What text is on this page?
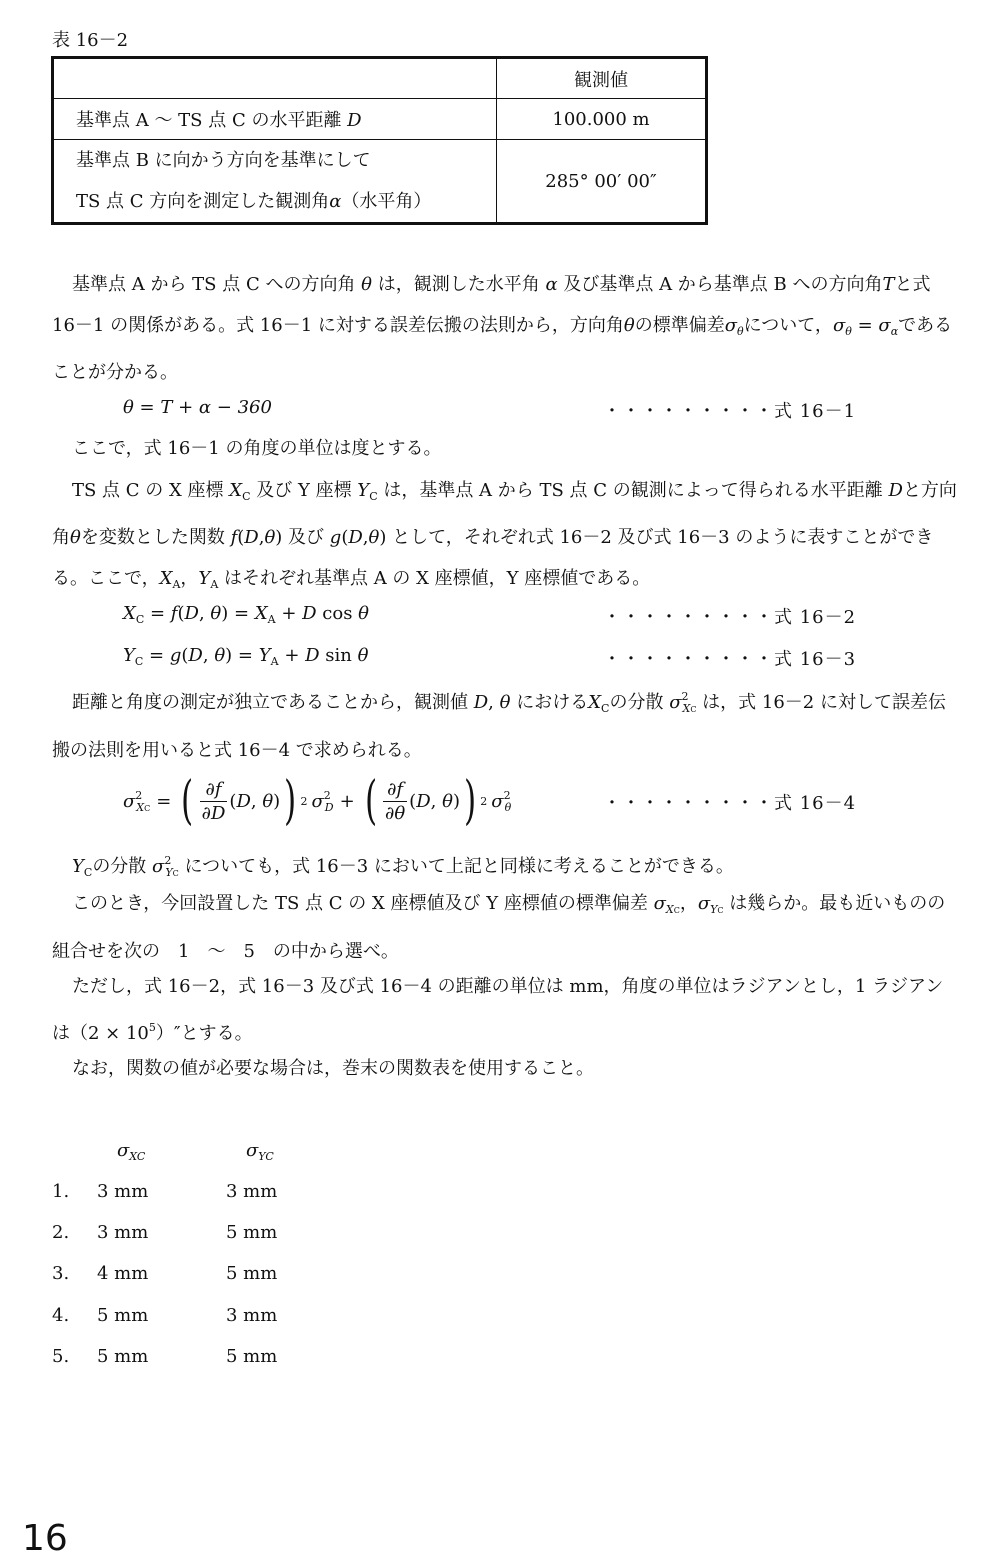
表 16－2
	観測値
基準点 A ～ TS 点 C の水平距離 D	100.000 m

基準点 B に向かう方向を基準にして
TS 点 C 方向を測定した観測角α（水平角）	285° 00′ 00″
基準点 A から TS 点 C への方向角 θ は，観測した水平角 α 及び基準点 A から基準点 B への方向角Tと式 16－1 の関係がある。式 16－1 に対する誤差伝搬の法則から，方向角θの標準偏差$\sigma_\theta$について，$\sigma_\theta = \sigma_\alpha$であることが分かる。
θ = T + α − 360	・・・・・・・・・式 16－1
ここで，式 16－1 の角度の単位は度とする。
TS 点 C の X 座標 $X_C$ 及び Y 座標 $Y_C$ は，基準点 A から TS 点 C の観測によって得られる水平距離 Dと方向角θを変数とした関数 f(D,θ) 及び g(D,θ) として，それぞれ式 16－2 及び式 16－3 のように表すことができる。ここで，$X_A$，$Y_A$ はそれぞれ基準点 A の X 座標値，Y 座標値である。
$X_C = f(D$, $\theta) = X_A + D$ cos θ	・・・・・・・・・式 16－2
$Y_C = g(D$, $\theta) = Y_A + D$ sin θ	・・・・・・・・・式 16－3
距離と角度の測定が独立であることから，観測値 D, θ における$X_C$の分散 $\sigma^2_{XC}$ は，式 16－2 に対して誤差伝搬の法則を用いると式 16－4 で求められる。
$\sigma^2_{XC}$ = ( $\frac{\partial f}{\partial D} (D$, θ) ) 2 $\sigma^2_D$ + ( $\frac{\partial f}{\partial\theta} (D$, θ) ) 2 $\sigma^2_\theta$	・・・・・・・・・式 16－4
$Y_C$の分散 $\sigma^2_{YC}$ についても，式 16－3 において上記と同様に考えることができる。
このとき，今回設置した TS 点 C の X 座標値及び Y 座標値の標準偏差 $\sigma_{XC}$，$\sigma_{YC}$ は幾らか。最も近いものの組合せを次の　1　～　5　の中から選べ。
ただし，式 16－2，式 16－3 及び式 16－4 の距離の単位は mm，角度の単位はラジアンとし，1 ラジアンは$(2 \times 10^5)''$とする。
なお，関数の値が必要な場合は，巻末の関数表を使用すること。
$\sigma_{XC}$	$\sigma_{YC}$
1. 3 mm	3 mm
2. 3 mm	5 mm
3. 4 mm	5 mm
4. 5 mm	3 mm
5. 5 mm	5 mm
16
